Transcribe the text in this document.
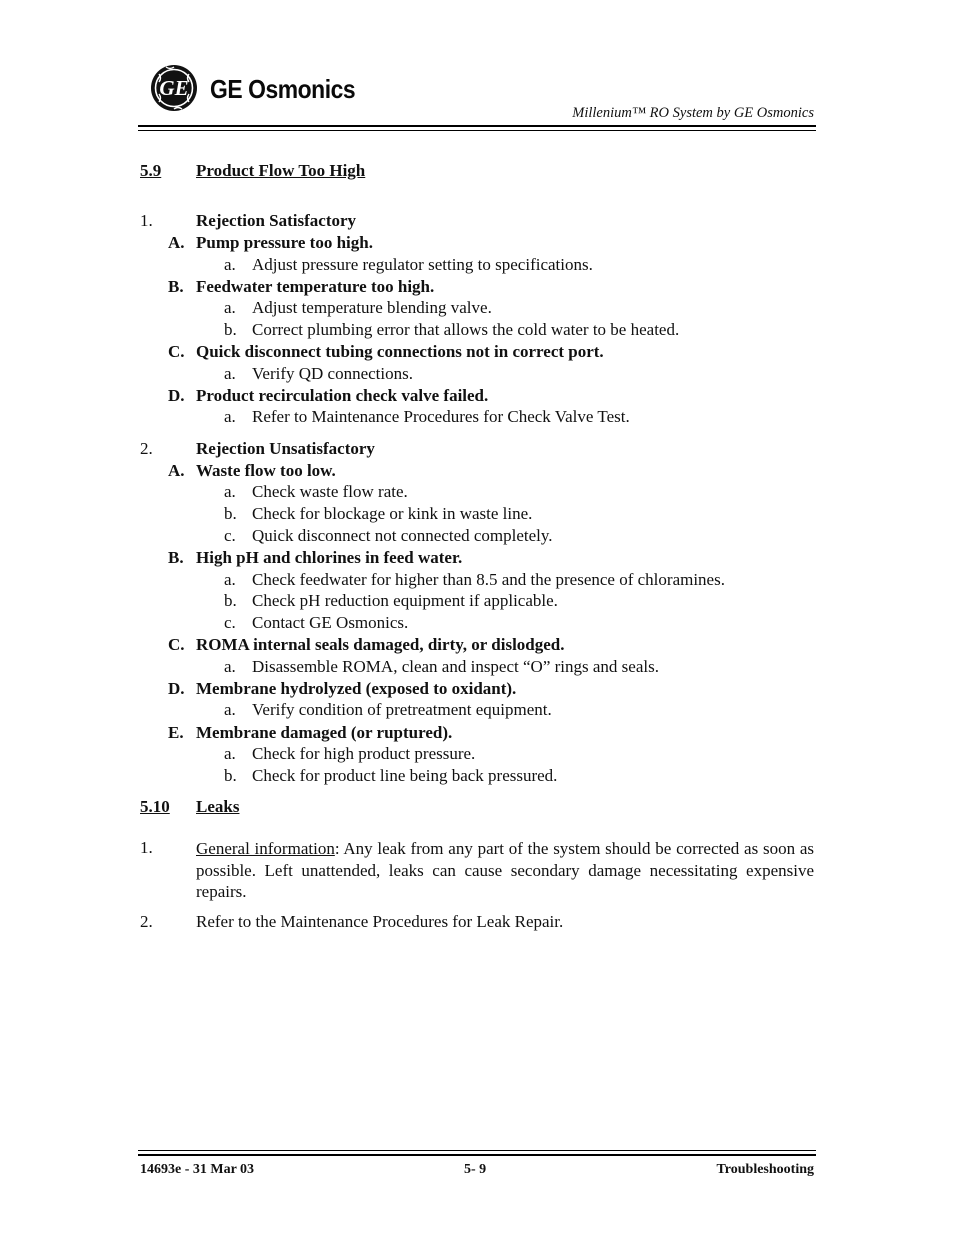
GE GE Osmonics
Millenium™ RO System by GE Osmonics
5.9 Product Flow Too High
1.	Rejection Satisfactory
A. Pump pressure too high.
a. Adjust pressure regulator setting to specifications.
B. Feedwater temperature too high.
a. Adjust temperature blending valve.
b. Correct plumbing error that allows the cold water to be heated.
C. Quick disconnect tubing connections not in correct port.
a. Verify QD connections.
D. Product recirculation check valve failed.
a. Refer to Maintenance Procedures for Check Valve Test.
2.	Rejection Unsatisfactory
A. Waste flow too low.
a. Check waste flow rate.
b. Check for blockage or kink in waste line.
c. Quick disconnect not connected completely.
B. High pH and chlorines in feed water.
a. Check feedwater for higher than 8.5 and the presence of chloramines.
b. Check pH reduction equipment if applicable.
c. Contact GE Osmonics.
C. ROMA internal seals damaged, dirty, or dislodged.
a. Disassemble ROMA, clean and inspect “O” rings and seals.
D. Membrane hydrolyzed (exposed to oxidant).
a. Verify condition of pretreatment equipment.
E. Membrane damaged (or ruptured).
a. Check for high product pressure.
b. Check for product line being back pressured.
5.10 Leaks
1.	General information: Any leak from any part of the system should be corrected as soon as possible. Left unattended, leaks can cause secondary damage necessitating expensive repairs.
2.	Refer to the Maintenance Procedures for Leak Repair.
14693e - 31 Mar 03	5- 9	Troubleshooting
